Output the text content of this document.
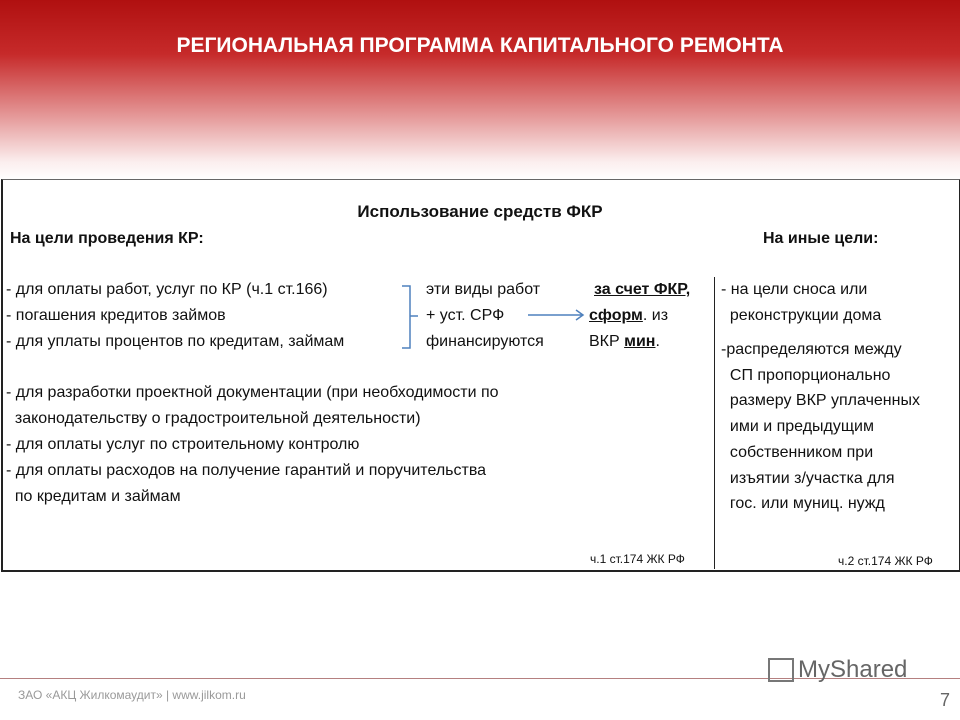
РЕГИОНАЛЬНАЯ ПРОГРАММА КАПИТАЛЬНОГО РЕМОНТА
Использование средств ФКР
На цели проведения КР:	На иные цели:
- для оплаты работ, услуг по КР (ч.1 ст.166)
- погашения кредитов займов
- для уплаты процентов по кредитам, займам
эти виды работ
+ уст. СРФ
финансируются
за счет ФКР,
сформ. из
ВКР мин.
- для разработки проектной документации (при необходимости по
законодательству о градостроительной деятельности)
- для оплаты услуг по строительному контролю
- для оплаты расходов на получение гарантий и поручительства
по кредитам и займам
- на цели сноса или
реконструкции дома
-распределяются между
СП пропорционально
размеру ВКР уплаченных
ими и предыдущим
собственником при
изъятии з/участка для
гос. или муниц. нужд
ч.1 ст.174 ЖК РФ	ч.2 ст.174 ЖК РФ
ЗАО «АКЦ Жилкомаудит» | www.jilkom.ru
MyShared
7
